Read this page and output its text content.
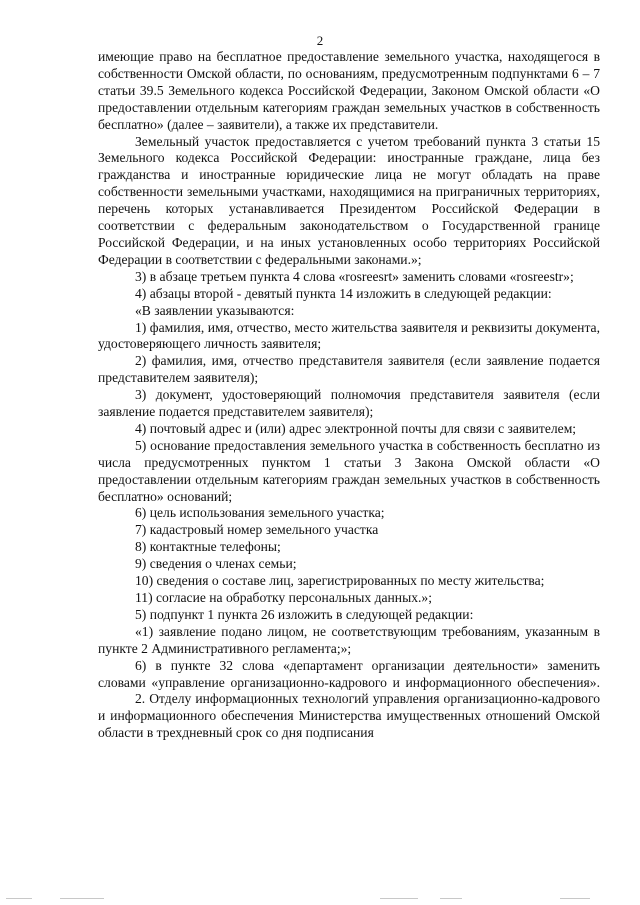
2

имеющие право на бесплатное предоставление земельного участка, находящегося в собственности Омской области, по основаниям, предусмотренным подпунктами 6 – 7 статьи 39.5 Земельного кодекса Российской Федерации, Законом Омской области «О предоставлении отдельным категориям граждан земельных участков в собственность бесплатно» (далее – заявители), а также их представители.

Земельный участок предоставляется с учетом требований пункта 3 статьи 15 Земельного кодекса Российской Федерации: иностранные граждане, лица без гражданства и иностранные юридические лица не могут обладать на праве собственности земельными участками, находящимися на приграничных территориях, перечень которых устанавливается Президентом Российской Федерации в соответствии с федеральным законодательством о Государственной границе Российской Федерации, и на иных установленных особо территориях Российской Федерации в соответствии с федеральными законами.»;

3) в абзаце третьем пункта 4 слова «rosreesrt» заменить словами «rosreestr»;

4) абзацы второй - девятый пункта 14 изложить в следующей редакции:

«В заявлении указываются:

1) фамилия, имя, отчество, место жительства заявителя и реквизиты документа, удостоверяющего личность заявителя;

2) фамилия, имя, отчество представителя заявителя (если заявление подается представителем заявителя);

3) документ, удостоверяющий полномочия представителя заявителя (если заявление подается представителем заявителя);

4) почтовый адрес и (или) адрес электронной почты для связи с заявителем;

5) основание предоставления земельного участка в собственность бесплатно из числа предусмотренных пунктом 1 статьи 3 Закона Омской области «О предоставлении отдельным категориям граждан земельных участков в собственность бесплатно» оснований;

6) цель использования земельного участка;

7) кадастровый номер земельного участка

8) контактные телефоны;

9) сведения о членах семьи;

10) сведения о составе лиц, зарегистрированных по месту жительства;

11) согласие на обработку персональных данных.»;

5) подпункт 1 пункта 26 изложить в следующей редакции:

«1) заявление подано лицом, не соответствующим требованиям, указанным в пункте 2 Административного регламента;»;

6) в пункте 32 слова «департамент организации деятельности» заменить словами «управление организационно-кадрового и информационного обеспечения».

2. Отделу информационных технологий управления организационно-кадрового и информационного обеспечения Министерства имущественных отношений Омской области в трехдневный срок со дня подписания
